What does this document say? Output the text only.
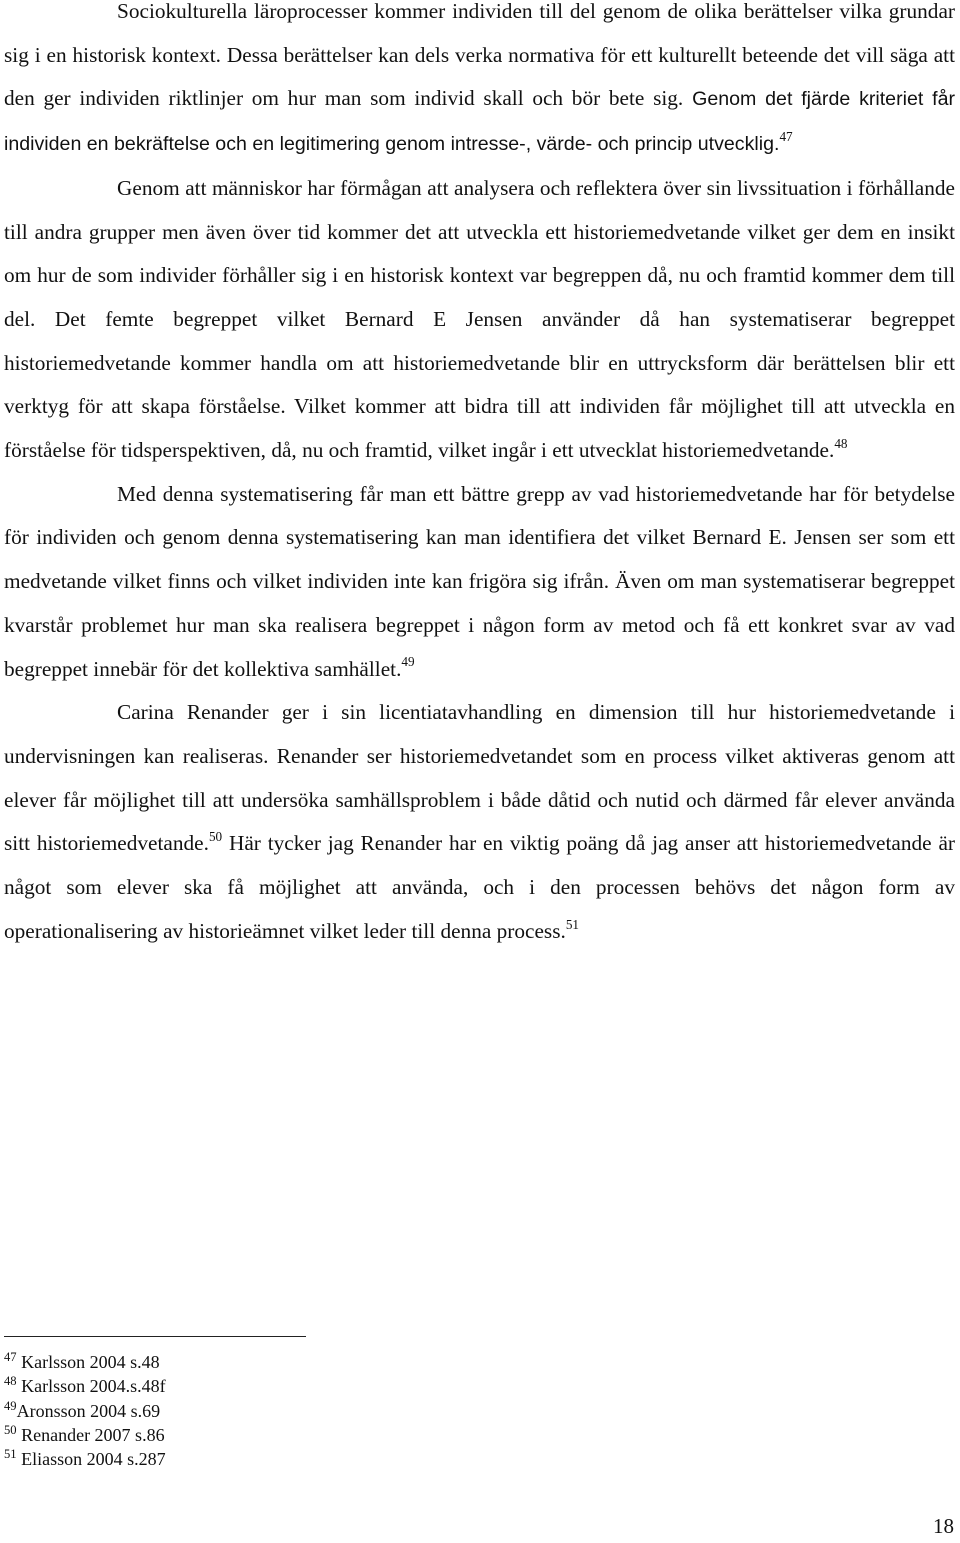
Sociokulturella läroprocesser kommer individen till del genom de olika berättelser vilka grundar sig i en historisk kontext. Dessa berättelser kan dels verka normativa för ett kulturellt beteende det vill säga att den ger individen riktlinjer om hur man som individ skall och bör bete sig. Genom det fjärde kriteriet får individen en bekräftelse och en legitimering genom intresse-, värde- och princip utvecklig.$^{47}$

Genom att människor har förmågan att analysera och reflektera över sin livssituation i förhållande till andra grupper men även över tid kommer det att utveckla ett historiemedvetande vilket ger dem en insikt om hur de som individer förhåller sig i en historisk kontext var begreppen då, nu och framtid kommer dem till del. Det femte begreppet vilket Bernard E Jensen använder då han systematiserar begreppet historiemedvetande kommer handla om att historiemedvetande blir en uttrycksform där berättelsen blir ett verktyg för att skapa förståelse. Vilket kommer att bidra till att individen får möjlighet till att utveckla en förståelse för tidsperspektiven, då, nu och framtid, vilket ingår i ett utvecklat historiemedvetande.$^{48}$

Med denna systematisering får man ett bättre grepp av vad historiemedvetande har för betydelse för individen och genom denna systematisering kan man identifiera det vilket Bernard E. Jensen ser som ett medvetande vilket finns och vilket individen inte kan frigöra sig ifrån. Även om man systematiserar begreppet kvarstår problemet hur man ska realisera begreppet i någon form av metod och få ett konkret svar av vad begreppet innebär för det kollektiva samhället.$^{49}$

Carina Renander ger i sin licentiatavhandling en dimension till hur historiemedvetande i undervisningen kan realiseras. Renander ser historiemedvetandet som en process vilket aktiveras genom att elever får möjlighet till att undersöka samhällsproblem i både dåtid och nutid och därmed får elever använda sitt historiemedvetande.$^{50}$ Här tycker jag Renander har en viktig poäng då jag anser att historiemedvetande är något som elever ska få möjlighet att använda, och i den processen behövs det någon form av operationalisering av historieämnet vilket leder till denna process.$^{51}$

$^{47}$ Karlsson 2004 s.48
$^{48}$ Karlsson 2004.s.48f
$^{49}$Aronsson 2004 s.69
$^{50}$ Renander 2007 s.86
$^{51}$ Eliasson 2004 s.287
18
